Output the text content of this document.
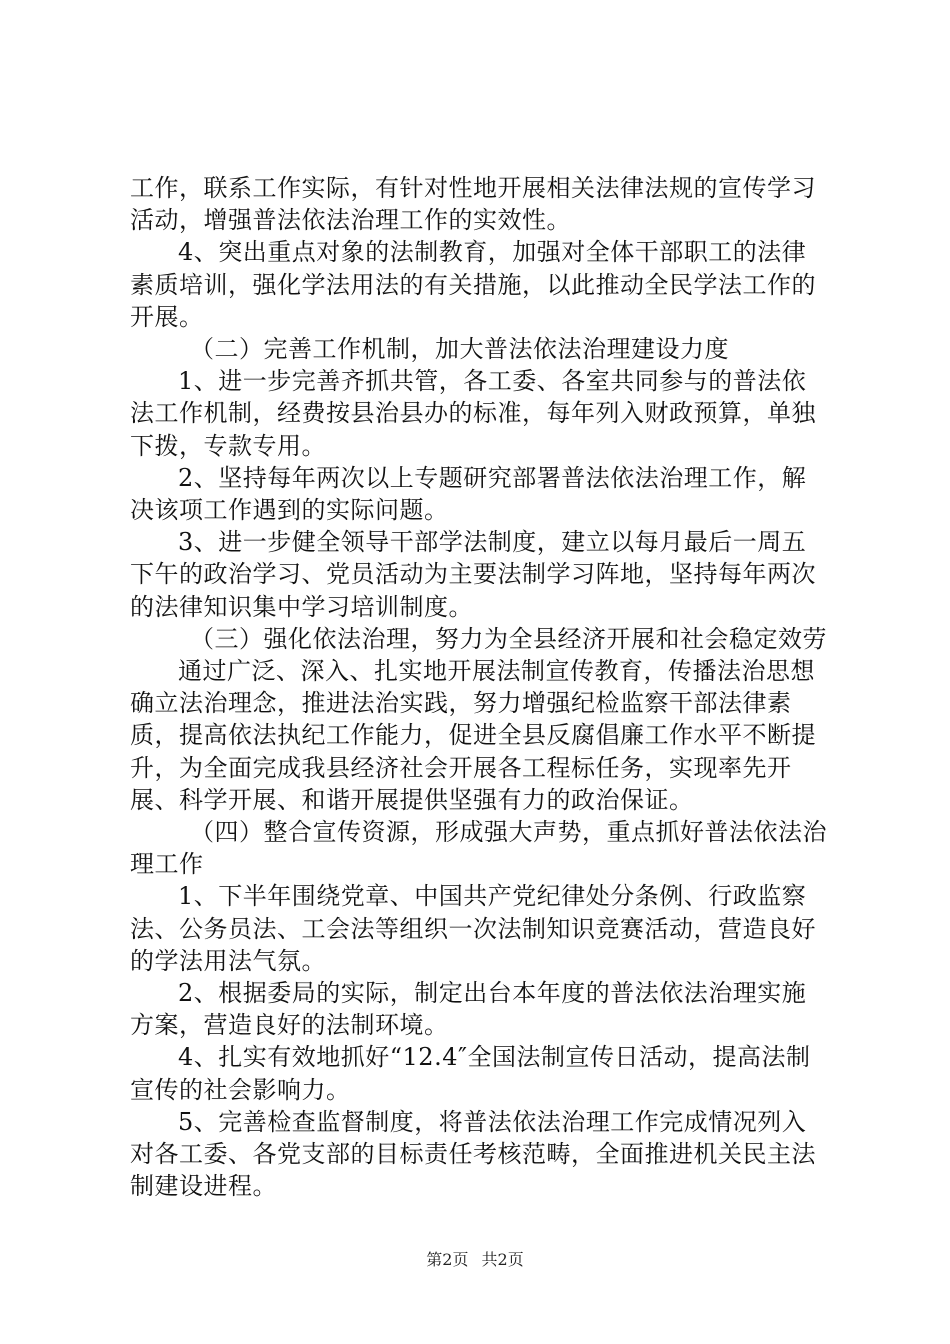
工作，联系工作实际，有针对性地开展相关法律法规的宣传学习活动，增强普法依法治理工作的实效性。

4、突出重点对象的法制教育，加强对全体干部职工的法律素质培训，强化学法用法的有关措施，以此推动全民学法工作的开展。

（二）完善工作机制，加大普法依法治理建设力度

1、进一步完善齐抓共管，各工委、各室共同参与的普法依法工作机制，经费按县治县办的标准，每年列入财政预算，单独下拨，专款专用。

2、坚持每年两次以上专题研究部署普法依法治理工作，解决该项工作遇到的实际问题。

3、进一步健全领导干部学法制度，建立以每月最后一周五下午的政治学习、党员活动为主要法制学习阵地，坚持每年两次的法律知识集中学习培训制度。

（三）强化依法治理，努力为全县经济开展和社会稳定效劳

通过广泛、深入、扎实地开展法制宣传教育，传播法治思想确立法治理念，推进法治实践，努力增强纪检监察干部法律素质，提高依法执纪工作能力，促进全县反腐倡廉工作水平不断提升，为全面完成我县经济社会开展各工程标任务，实现率先开展、科学开展、和谐开展提供坚强有力的政治保证。

（四）整合宣传资源，形成强大声势，重点抓好普法依法治理工作

1、下半年围绕党章、中国共产党纪律处分条例、行政监察法、公务员法、工会法等组织一次法制知识竞赛活动，营造良好的学法用法气氛。

2、根据委局的实际，制定出台本年度的普法依法治理实施方案，营造良好的法制环境。

4、扎实有效地抓好“12.4″全国法制宣传日活动，提高法制宣传的社会影响力。

5、完善检查监督制度，将普法依法治理工作完成情况列入对各工委、各党支部的目标责任考核范畴，全面推进机关民主法制建设进程。

第2页 共2页
